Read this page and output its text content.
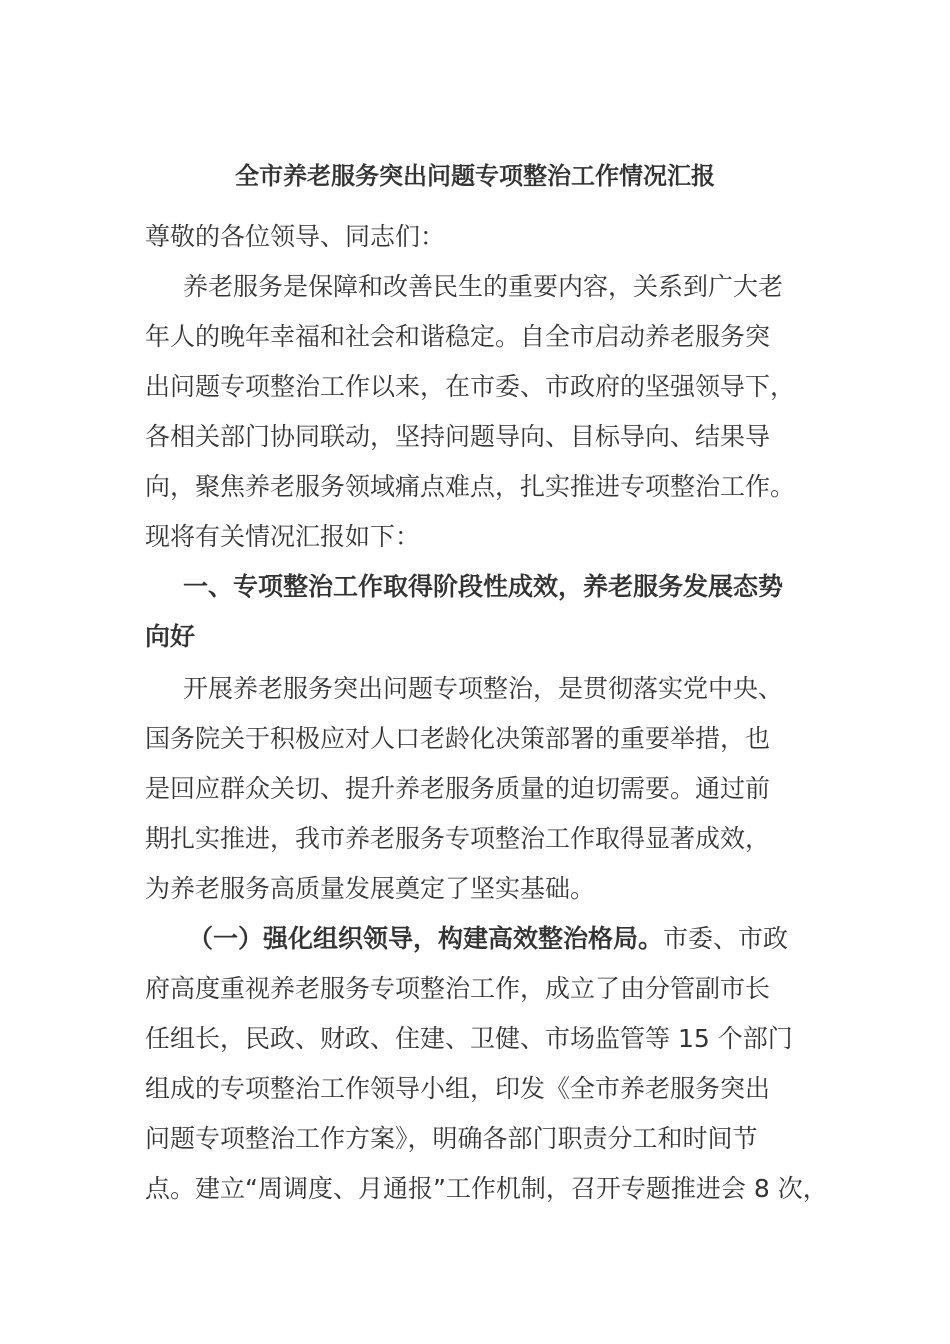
全市养老服务突出问题专项整治工作情况汇报
尊敬的各位领导、同志们：
养老服务是保障和改善民生的重要内容，关系到广大老
年人的晚年幸福和社会和谐稳定。自全市启动养老服务突
出问题专项整治工作以来，在市委、市政府的坚强领导下，
各相关部门协同联动，坚持问题导向、目标导向、结果导
向，聚焦养老服务领域痛点难点，扎实推进专项整治工作。
现将有关情况汇报如下：
一、专项整治工作取得阶段性成效，养老服务发展态势
向好
开展养老服务突出问题专项整治，是贯彻落实党中央、
国务院关于积极应对人口老龄化决策部署的重要举措，也
是回应群众关切、提升养老服务质量的迫切需要。通过前
期扎实推进，我市养老服务专项整治工作取得显著成效，
为养老服务高质量发展奠定了坚实基础。
（一）强化组织领导，构建高效整治格局。市委、市政
府高度重视养老服务专项整治工作，成立了由分管副市长
任组长，民政、财政、住建、卫健、市场监管等 15 个部门
组成的专项整治工作领导小组，印发《全市养老服务突出
问题专项整治工作方案》，明确各部门职责分工和时间节
点。建立“周调度、月通报”工作机制，召开专题推进会 8 次，
